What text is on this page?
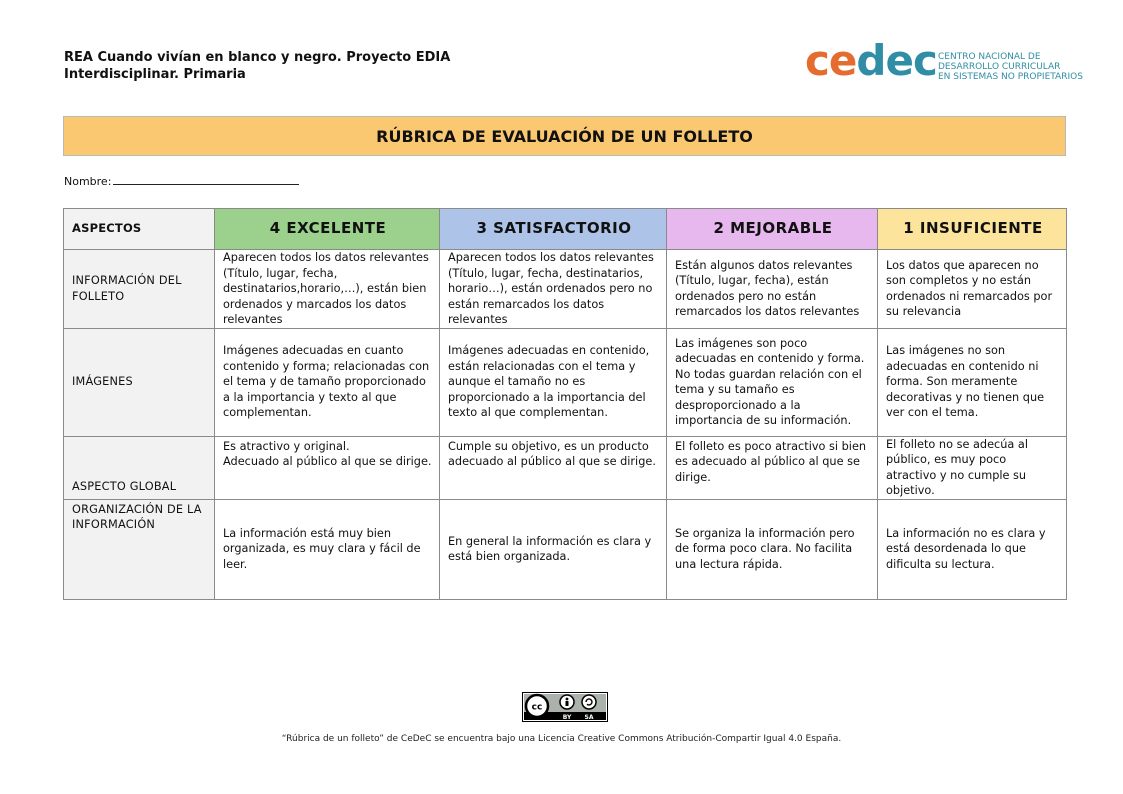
REA Cuando vivían en blanco y negro. Proyecto EDIA
Interdisciplinar. Primaria	cedec CENTRO NACIONAL DE
DESARROLLO CURRICULAR
EN SISTEMAS NO PROPIETARIOS
RÚBRICA DE EVALUACIÓN DE UN FOLLETO
Nombre:
ASPECTOS	4 EXCELENTE	3 SATISFACTORIO	2 MEJORABLE	1 INSUFICIENTE
INFORMACIÓN DEL FOLLETO	Aparecen todos los datos relevantes (Título, lugar, fecha, destinatarios,horario,…), están bien ordenados y marcados los datos relevantes	Aparecen todos los datos relevantes (Título, lugar, fecha, destinatarios, horario…), están ordenados pero no están remarcados los datos relevantes	Están algunos datos relevantes (Título, lugar, fecha), están ordenados pero no están remarcados los datos relevantes	Los datos que aparecen no son completos y no están ordenados ni remarcados por su relevancia
IMÁGENES	Imágenes adecuadas en cuanto contenido y forma; relacionadas con el tema y de tamaño proporcionado a la importancia y texto al que complementan.	Imágenes adecuadas en contenido, están relacionadas con el tema y aunque el tamaño no es proporcionado a la importancia del texto al que complementan.	Las imágenes son poco adecuadas en contenido y forma.
No todas guardan relación con el tema y su tamaño es desproporcionado a la importancia de su información.	Las imágenes no son adecuadas en contenido ni forma. Son meramente decorativas y no tienen que ver con el tema.
ASPECTO GLOBAL	Es atractivo y original.
Adecuado al público al que se dirige.	Cumple su objetivo, es un producto adecuado al público al que se dirige.	El folleto es poco atractivo si bien es adecuado al público al que se dirige.	El folleto no se adecúa al público, es muy poco atractivo y no cumple su objetivo.
ORGANIZACIÓN DE LA INFORMACIÓN	La información está muy bien organizada, es muy clara y fácil de leer.	En general la información es clara y está bien organizada.	Se organiza la información pero de forma poco clara. No facilita una lectura rápida.	La información no es clara y está desordenada lo que dificulta su lectura.
cc
BY SA
“Rúbrica de un folleto” de CeDeC se encuentra bajo una Licencia Creative Commons Atribución-Compartir Igual 4.0 España.
